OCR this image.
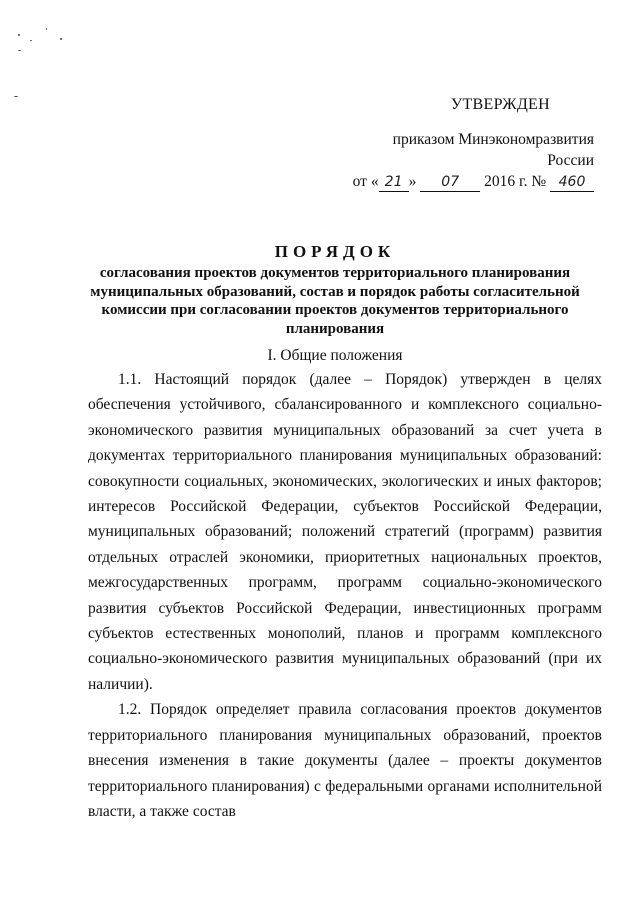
УТВЕРЖДЕН
приказом Минэкономразвития России
от « 21 » 07 2016 г. № 460
ПОРЯДОК
согласования проектов документов территориального планирования муниципальных образований, состав и порядок работы согласительной комиссии при согласовании проектов документов территориального планирования
I. Общие положения

1.1. Настоящий порядок (далее – Порядок) утвержден в целях обеспечения устойчивого, сбалансированного и комплексного социально-экономического развития муниципальных образований за счет учета в документах территориального планирования муниципальных образований: совокупности социальных, экономических, экологических и иных факторов; интересов Российской Федерации, субъектов Российской Федерации, муниципальных образований; положений стратегий (программ) развития отдельных отраслей экономики, приоритетных национальных проектов, межгосударственных программ, программ социально-экономического развития субъектов Российской Федерации, инвестиционных программ субъектов естественных монополий, планов и программ комплексного социально-экономического развития муниципальных образований (при их наличии).

1.2. Порядок определяет правила согласования проектов документов территориального планирования муниципальных образований, проектов внесения изменения в такие документы (далее – проекты документов территориального планирования) с федеральными органами исполнительной власти, а также состав
